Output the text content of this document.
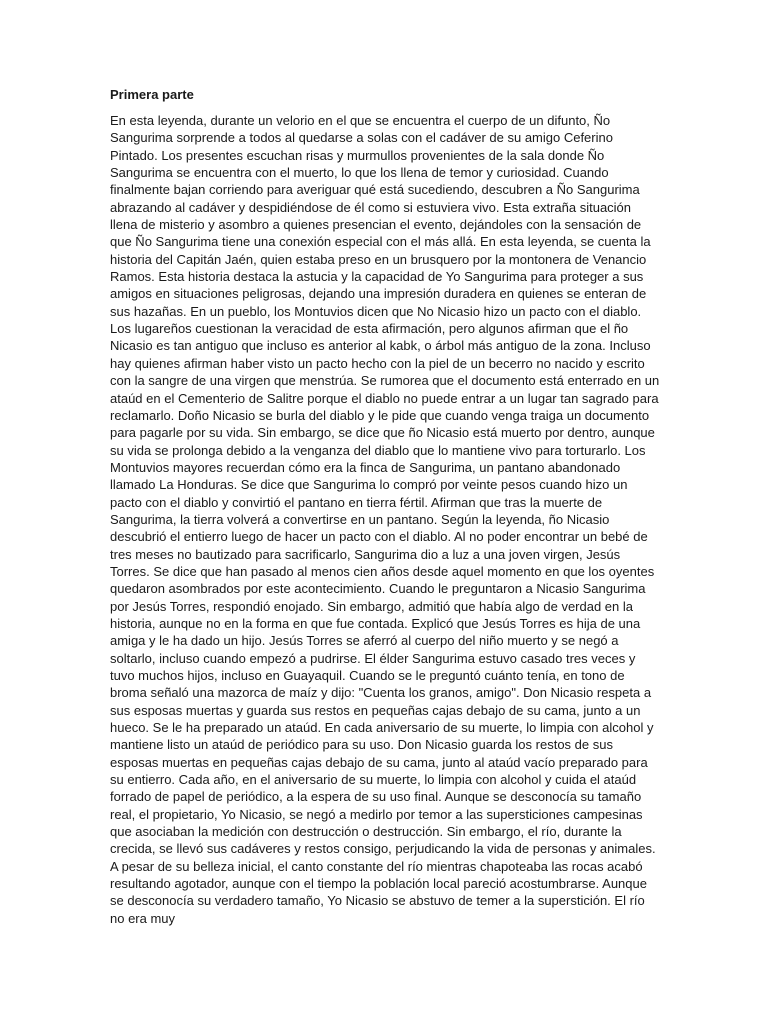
Primera parte

En esta leyenda, durante un velorio en el que se encuentra el cuerpo de un difunto, Ño Sangurima sorprende a todos al quedarse a solas con el cadáver de su amigo Ceferino Pintado. Los presentes escuchan risas y murmullos provenientes de la sala donde Ño Sangurima se encuentra con el muerto, lo que los llena de temor y curiosidad. Cuando finalmente bajan corriendo para averiguar qué está sucediendo, descubren a Ño Sangurima abrazando al cadáver y despidiéndose de él como si estuviera vivo. Esta extraña situación llena de misterio y asombro a quienes presencian el evento, dejándoles con la sensación de que Ño Sangurima tiene una conexión especial con el más allá. En esta leyenda, se cuenta la historia del Capitán Jaén, quien estaba preso en un brusquero por la montonera de Venancio Ramos. Esta historia destaca la astucia y la capacidad de Yo Sangurima para proteger a sus amigos en situaciones peligrosas, dejando una impresión duradera en quienes se enteran de sus hazañas. En un pueblo, los Montuvios dicen que No Nicasio hizo un pacto con el diablo. Los lugareños cuestionan la veracidad de esta afirmación, pero algunos afirman que el ño Nicasio es tan antiguo que incluso es anterior al kabk, o árbol más antiguo de la zona. Incluso hay quienes afirman haber visto un pacto hecho con la piel de un becerro no nacido y escrito con la sangre de una virgen que menstrúa. Se rumorea que el documento está enterrado en un ataúd en el Cementerio de Salitre porque el diablo no puede entrar a un lugar tan sagrado para reclamarlo. Doño Nicasio se burla del diablo y le pide que cuando venga traiga un documento para pagarle por su vida. Sin embargo, se dice que ño Nicasio está muerto por dentro, aunque su vida se prolonga debido a la venganza del diablo que lo mantiene vivo para torturarlo. Los Montuvios mayores recuerdan cómo era la finca de Sangurima, un pantano abandonado llamado La Honduras. Se dice que Sangurima lo compró por veinte pesos cuando hizo un pacto con el diablo y convirtió el pantano en tierra fértil. Afirman que tras la muerte de Sangurima, la tierra volverá a convertirse en un pantano. Según la leyenda, ño Nicasio descubrió el entierro luego de hacer un pacto con el diablo. Al no poder encontrar un bebé de tres meses no bautizado para sacrificarlo, Sangurima dio a luz a una joven virgen, Jesús Torres. Se dice que han pasado al menos cien años desde aquel momento en que los oyentes quedaron asombrados por este acontecimiento. Cuando le preguntaron a Nicasio Sangurima por Jesús Torres, respondió enojado. Sin embargo, admitió que había algo de verdad en la historia, aunque no en la forma en que fue contada. Explicó que Jesús Torres es hija de una amiga y le ha dado un hijo. Jesús Torres se aferró al cuerpo del niño muerto y se negó a soltarlo, incluso cuando empezó a pudrirse. El élder Sangurima estuvo casado tres veces y tuvo muchos hijos, incluso en Guayaquil. Cuando se le preguntó cuánto tenía, en tono de broma señaló una mazorca de maíz y dijo: "Cuenta los granos, amigo". Don Nicasio respeta a sus esposas muertas y guarda sus restos en pequeñas cajas debajo de su cama, junto a un hueco. Se le ha preparado un ataúd. En cada aniversario de su muerte, lo limpia con alcohol y mantiene listo un ataúd de periódico para su uso. Don Nicasio guarda los restos de sus esposas muertas en pequeñas cajas debajo de su cama, junto al ataúd vacío preparado para su entierro. Cada año, en el aniversario de su muerte, lo limpia con alcohol y cuida el ataúd forrado de papel de periódico, a la espera de su uso final. Aunque se desconocía su tamaño real, el propietario, Yo Nicasio, se negó a medirlo por temor a las supersticiones campesinas que asociaban la medición con destrucción o destrucción. Sin embargo, el río, durante la crecida, se llevó sus cadáveres y restos consigo, perjudicando la vida de personas y animales. A pesar de su belleza inicial, el canto constante del río mientras chapoteaba las rocas acabó resultando agotador, aunque con el tiempo la población local pareció acostumbrarse. Aunque se desconocía su verdadero tamaño, Yo Nicasio se abstuvo de temer a la superstición. El río no era muy
